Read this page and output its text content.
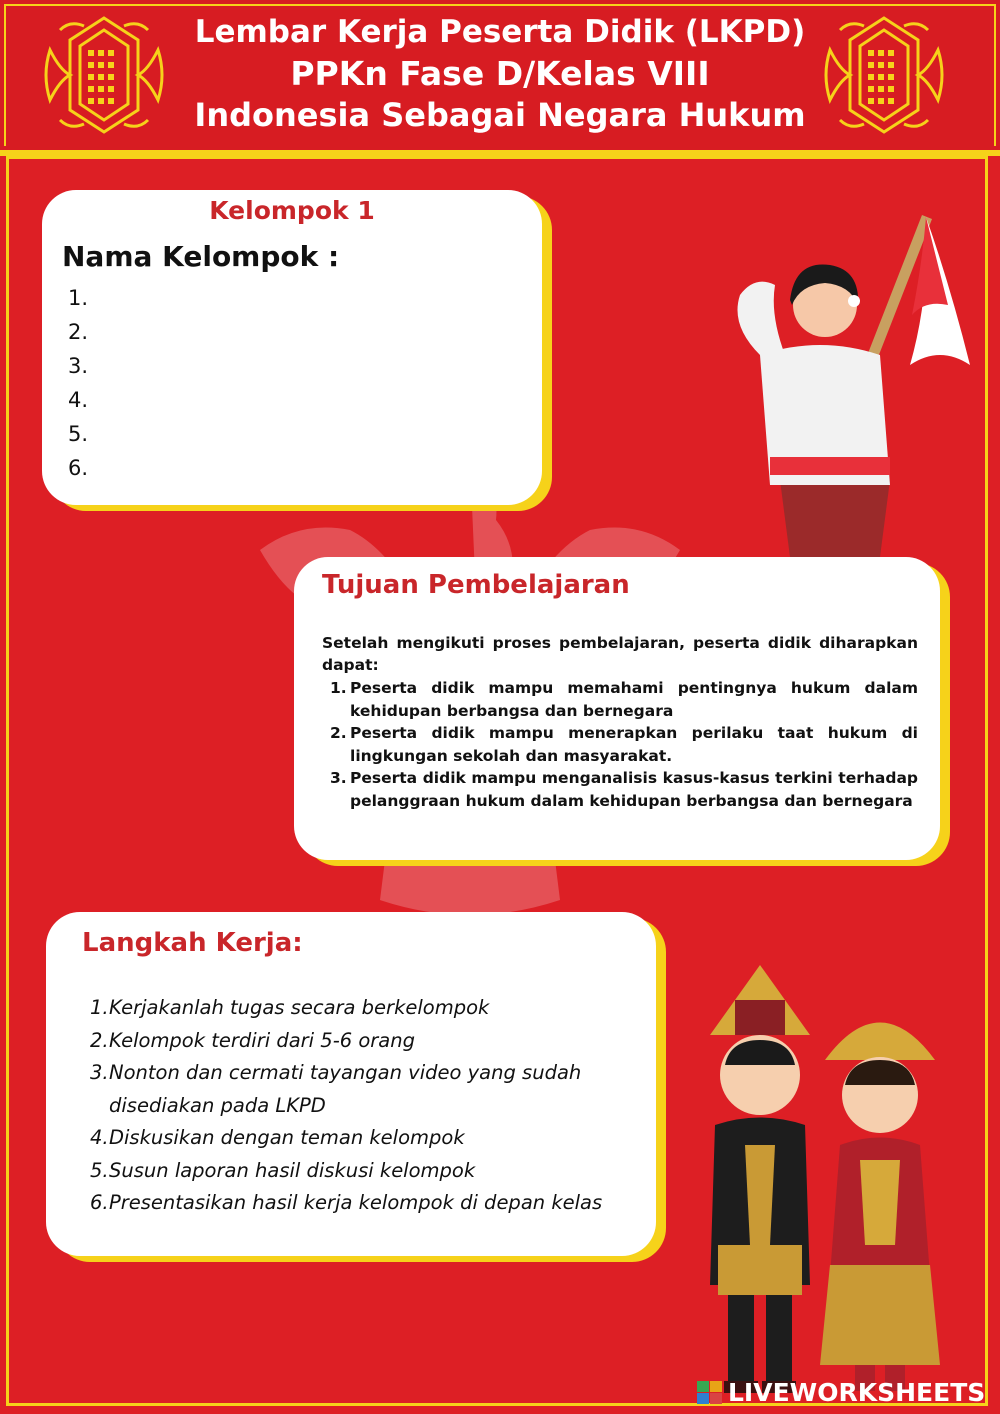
Lembar Kerja Peserta Didik (LKPD)
PPKn Fase D/Kelas VIII
Indonesia Sebagai Negara Hukum
Kelompok 1
Nama Kelompok :
1.
2.
3.
4.
5.
6.
Tujuan Pembelajaran
Setelah mengikuti proses pembelajaran, peserta didik diharapkan dapat:
1. Peserta didik mampu memahami pentingnya hukum dalam kehidupan berbangsa dan bernegara
2. Peserta didik mampu menerapkan perilaku taat hukum di lingkungan sekolah dan masyarakat.
3. Peserta didik mampu menganalisis kasus-kasus terkini terhadap pelanggraan hukum dalam kehidupan berbangsa dan bernegara
Langkah Kerja:
1. Kerjakanlah tugas secara berkelompok
2. Kelompok terdiri dari 5-6 orang
3. Nonton dan cermati tayangan video yang sudah disediakan pada LKPD
4. Diskusikan dengan teman kelompok
5. Susun laporan hasil diskusi kelompok
6. Presentasikan hasil kerja kelompok di depan kelas
LIVEWORKSHEETS
